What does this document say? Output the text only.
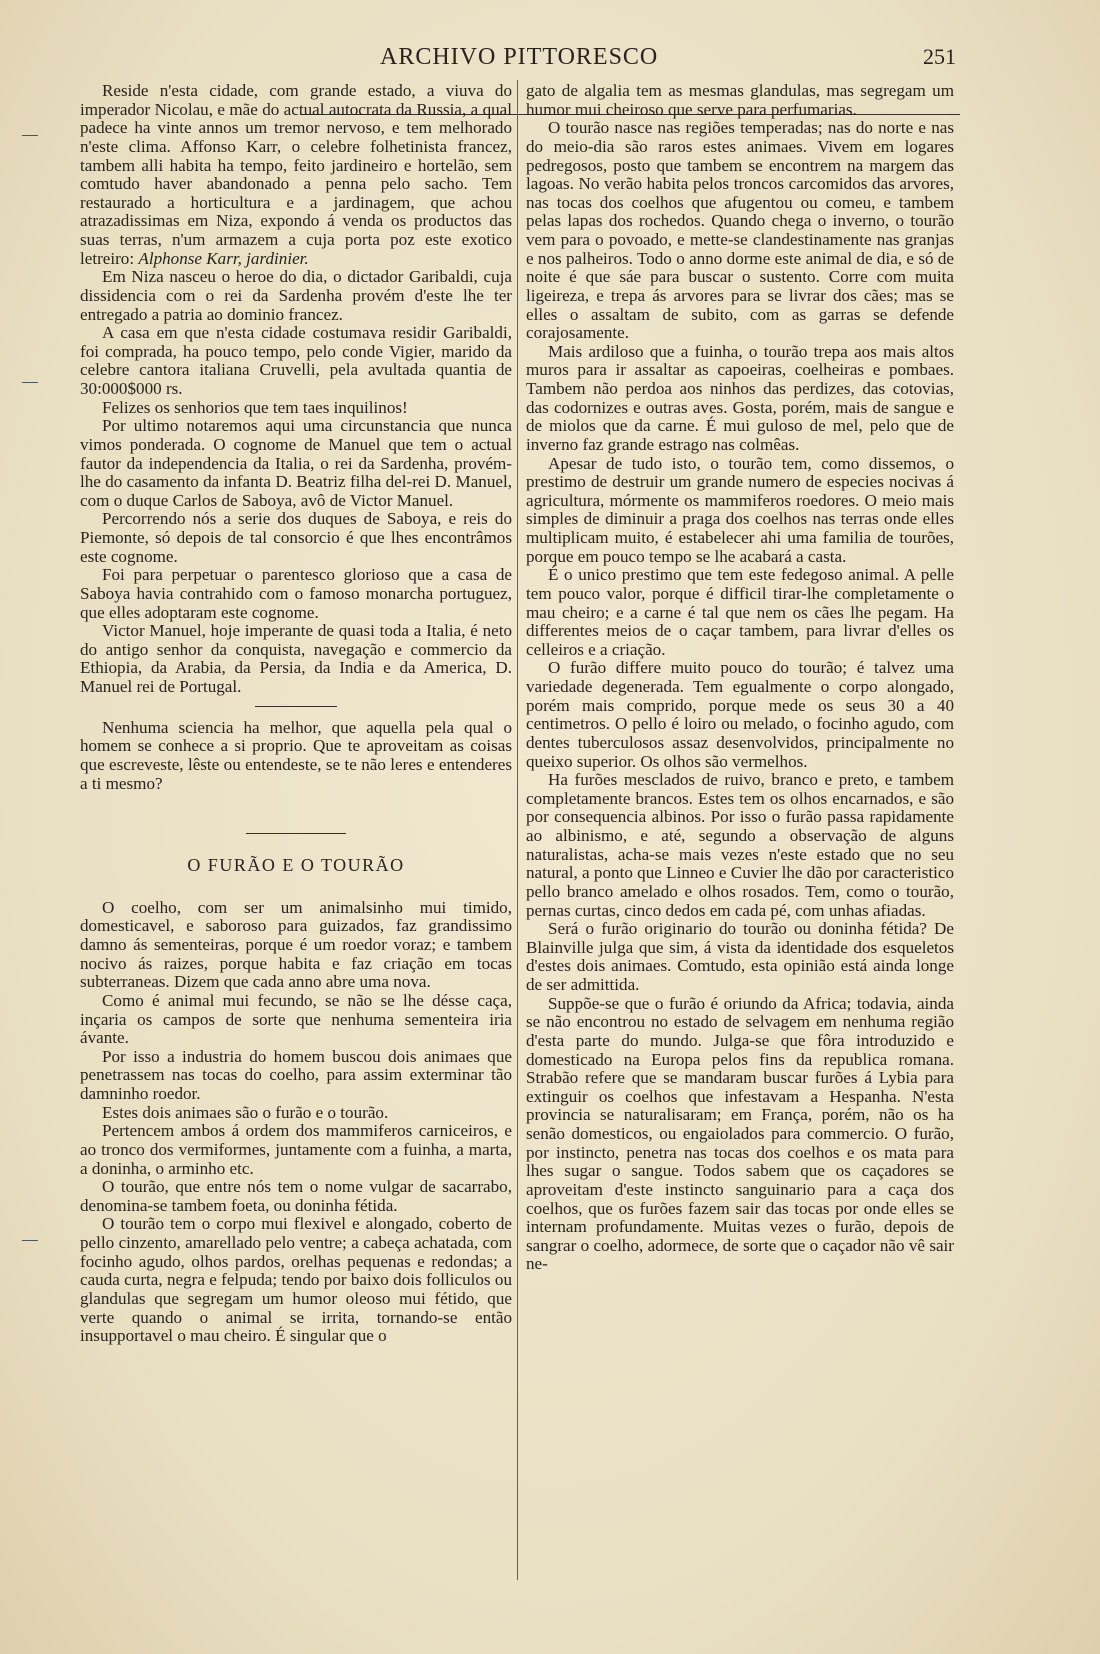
ARCHIVO PITTORESCO	251

Reside n'esta cidade, com grande estado, a viuva do imperador Nicolau, e mãe do actual autocrata da Russia, a qual padece ha vinte annos um tremor nervoso, e tem melhorado n'este clima. Affonso Karr, o celebre folhetinista francez, tambem alli habita ha tempo, feito jardineiro e hortelão, sem comtudo haver abandonado a penna pelo sacho. Tem restaurado a horticultura e a jardinagem, que achou atrazadissimas em Niza, expondo á venda os productos das suas terras, n'um armazem a cuja porta poz este exotico letreiro: Alphonse Karr, jardinier.

Em Niza nasceu o heroe do dia, o dictador Garibaldi, cuja dissidencia com o rei da Sardenha provém d'este lhe ter entregado a patria ao dominio francez.

A casa em que n'esta cidade costumava residir Garibaldi, foi comprada, ha pouco tempo, pelo conde Vigier, marido da celebre cantora italiana Cruvelli, pela avultada quantia de 30:000$000 rs.

Felizes os senhorios que tem taes inquilinos!

Por ultimo notaremos aqui uma circunstancia que nunca vimos ponderada. O cognome de Manuel que tem o actual fautor da independencia da Italia, o rei da Sardenha, provém-lhe do casamento da infanta D. Beatriz filha del-rei D. Manuel, com o duque Carlos de Saboya, avô de Victor Manuel.

Percorrendo nós a serie dos duques de Saboya, e reis do Piemonte, só depois de tal consorcio é que lhes encontrâmos este cognome.

Foi para perpetuar o parentesco glorioso que a casa de Saboya havia contrahido com o famoso monarcha portuguez, que elles adoptaram este cognome.

Victor Manuel, hoje imperante de quasi toda a Italia, é neto do antigo senhor da conquista, navegação e commercio da Ethiopia, da Arabia, da Persia, da India e da America, D. Manuel rei de Portugal.

Nenhuma sciencia ha melhor, que aquella pela qual o homem se conhece a si proprio. Que te aproveitam as coisas que escreveste, lêste ou entendeste, se te não leres e entenderes a ti mesmo?

O FURÃO E O TOURÃO

O coelho, com ser um animalsinho mui timido, domesticavel, e saboroso para guizados, faz grandissimo damno ás sementeiras, porque é um roedor voraz; e tambem nocivo ás raizes, porque habita e faz criação em tocas subterraneas. Dizem que cada anno abre uma nova.

Como é animal mui fecundo, se não se lhe désse caça, inçaria os campos de sorte que nenhuma sementeira iria ávante.

Por isso a industria do homem buscou dois animaes que penetrassem nas tocas do coelho, para assim exterminar tão damninho roedor.

Estes dois animaes são o furão e o tourão.

Pertencem ambos á ordem dos mammiferos carniceiros, e ao tronco dos vermiformes, juntamente com a fuinha, a marta, a doninha, o arminho etc.

O tourão, que entre nós tem o nome vulgar de sacarrabo, denomina-se tambem foeta, ou doninha fétida.

O tourão tem o corpo mui flexivel e alongado, coberto de pello cinzento, amarellado pelo ventre; a cabeça achatada, com focinho agudo, olhos pardos, orelhas pequenas e redondas; a cauda curta, negra e felpuda; tendo por baixo dois folliculos ou glandulas que segregam um humor oleoso mui fétido, que verte quando o animal se irrita, tornando-se então insupportavel o mau cheiro. É singular que o

gato de algalia tem as mesmas glandulas, mas segregam um humor mui cheiroso que serve para perfumarias.

O tourão nasce nas regiões temperadas; nas do norte e nas do meio-dia são raros estes animaes. Vivem em logares pedregosos, posto que tambem se encontrem na margem das lagoas. No verão habita pelos troncos carcomidos das arvores, nas tocas dos coelhos que afugentou ou comeu, e tambem pelas lapas dos rochedos. Quando chega o inverno, o tourão vem para o povoado, e mette-se clandestinamente nas granjas e nos palheiros. Todo o anno dorme este animal de dia, e só de noite é que sáe para buscar o sustento. Corre com muita ligeireza, e trepa ás arvores para se livrar dos cães; mas se elles o assaltam de subito, com as garras se defende corajosamente.

Mais ardiloso que a fuinha, o tourão trepa aos mais altos muros para ir assaltar as capoeiras, coelheiras e pombaes. Tambem não perdoa aos ninhos das perdizes, das cotovias, das codornizes e outras aves. Gosta, porém, mais de sangue e de miolos que da carne. É mui guloso de mel, pelo que de inverno faz grande estrago nas colmêas.

Apesar de tudo isto, o tourão tem, como dissemos, o prestimo de destruir um grande numero de especies nocivas á agricultura, mórmente os mammiferos roedores. O meio mais simples de diminuir a praga dos coelhos nas terras onde elles multiplicam muito, é estabelecer ahi uma familia de tourões, porque em pouco tempo se lhe acabará a casta.

É o unico prestimo que tem este fedegoso animal. A pelle tem pouco valor, porque é difficil tirar-lhe completamente o mau cheiro; e a carne é tal que nem os cães lhe pegam. Ha differentes meios de o caçar tambem, para livrar d'elles os celleiros e a criação.

O furão differe muito pouco do tourão; é talvez uma variedade degenerada. Tem egualmente o corpo alongado, porém mais comprido, porque mede os seus 30 a 40 centimetros. O pello é loiro ou melado, o focinho agudo, com dentes tuberculosos assaz desenvolvidos, principalmente no queixo superior. Os olhos são vermelhos.

Ha furões mesclados de ruivo, branco e preto, e tambem completamente brancos. Estes tem os olhos encarnados, e são por consequencia albinos. Por isso o furão passa rapidamente ao albinismo, e até, segundo a observação de alguns naturalistas, acha-se mais vezes n'este estado que no seu natural, a ponto que Linneo e Cuvier lhe dão por caracteristico pello branco amelado e olhos rosados. Tem, como o tourão, pernas curtas, cinco dedos em cada pé, com unhas afiadas.

Será o furão originario do tourão ou doninha fétida? De Blainville julga que sim, á vista da identidade dos esqueletos d'estes dois animaes. Comtudo, esta opinião está ainda longe de ser admittida.

Suppõe-se que o furão é oriundo da Africa; todavia, ainda se não encontrou no estado de selvagem em nenhuma região d'esta parte do mundo. Julga-se que fôra introduzido e domesticado na Europa pelos fins da republica romana. Strabão refere que se mandaram buscar furões á Lybia para extinguir os coelhos que infestavam a Hespanha. N'esta provincia se naturalisaram; em França, porém, não os ha senão domesticos, ou engaiolados para commercio. O furão, por instincto, penetra nas tocas dos coelhos e os mata para lhes sugar o sangue. Todos sabem que os caçadores se aproveitam d'este instincto sanguinario para a caça dos coelhos, que os furões fazem sair das tocas por onde elles se internam profundamente. Muitas vezes o furão, depois de sangrar o coelho, adormece, de sorte que o caçador não vê sair ne-
